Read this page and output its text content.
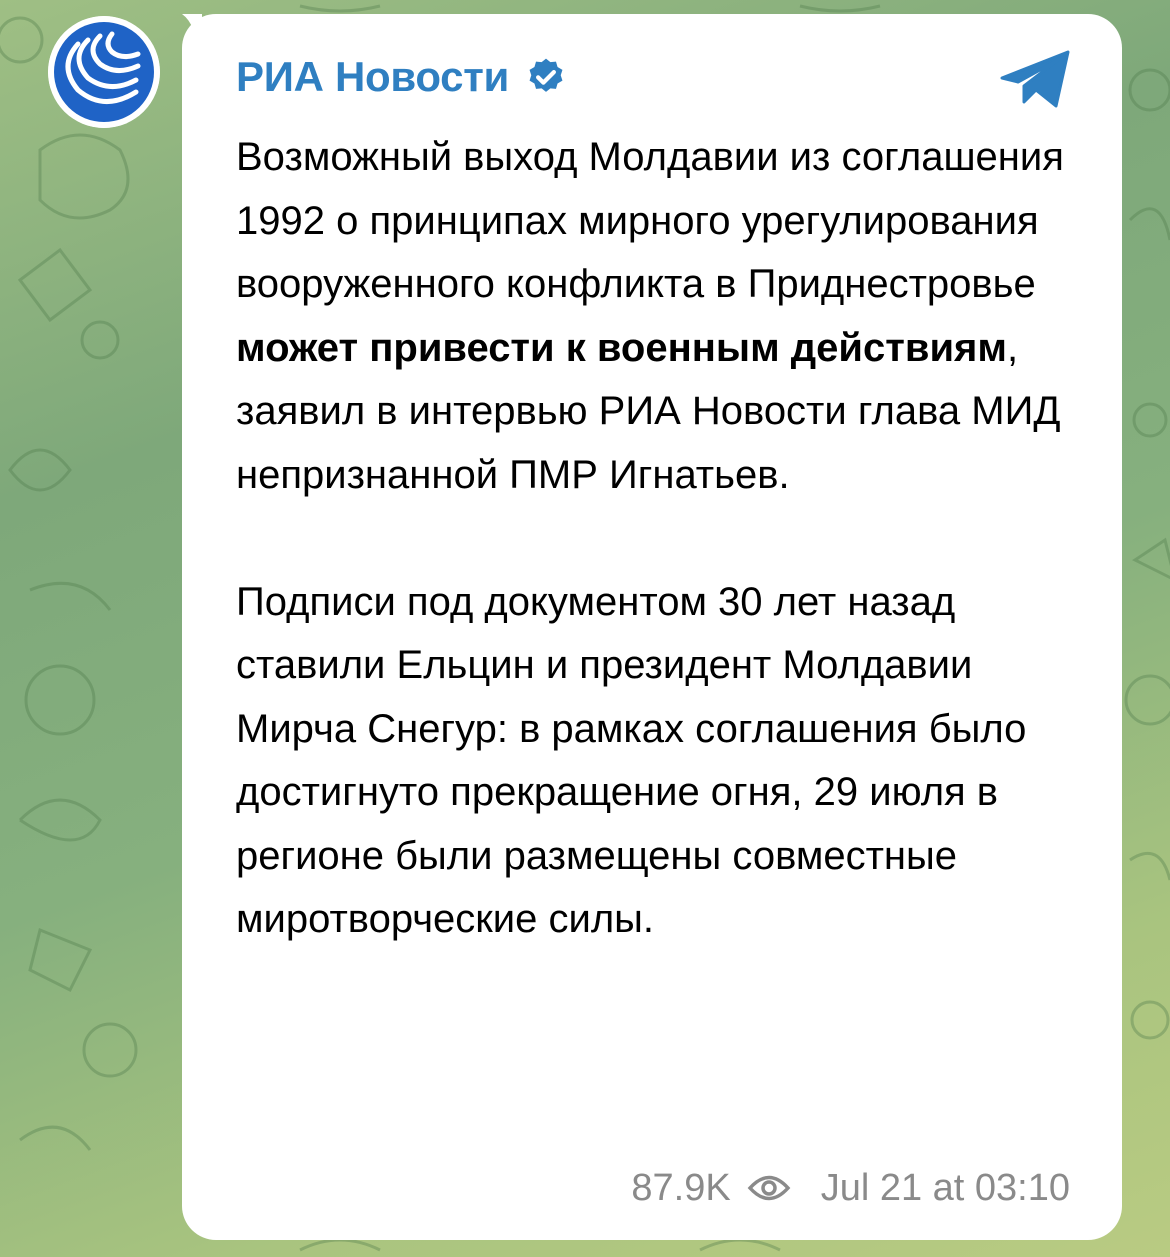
РИА Новости

Возможный выход Молдавии из соглашения 1992 о принципах мирного урегулирования вооруженного конфликта в Приднестровье может привести к военным действиям, заявил в интервью РИА Новости глава МИД непризнанной ПМР Игнатьев.

Подписи под документом 30 лет назад ставили Ельцин и президент Молдавии Мирча Снегур: в рамках соглашения было достигнуто прекращение огня, 29 июля в регионе были размещены совместные миротворческие силы.

87.9K Jul 21 at 03:10
